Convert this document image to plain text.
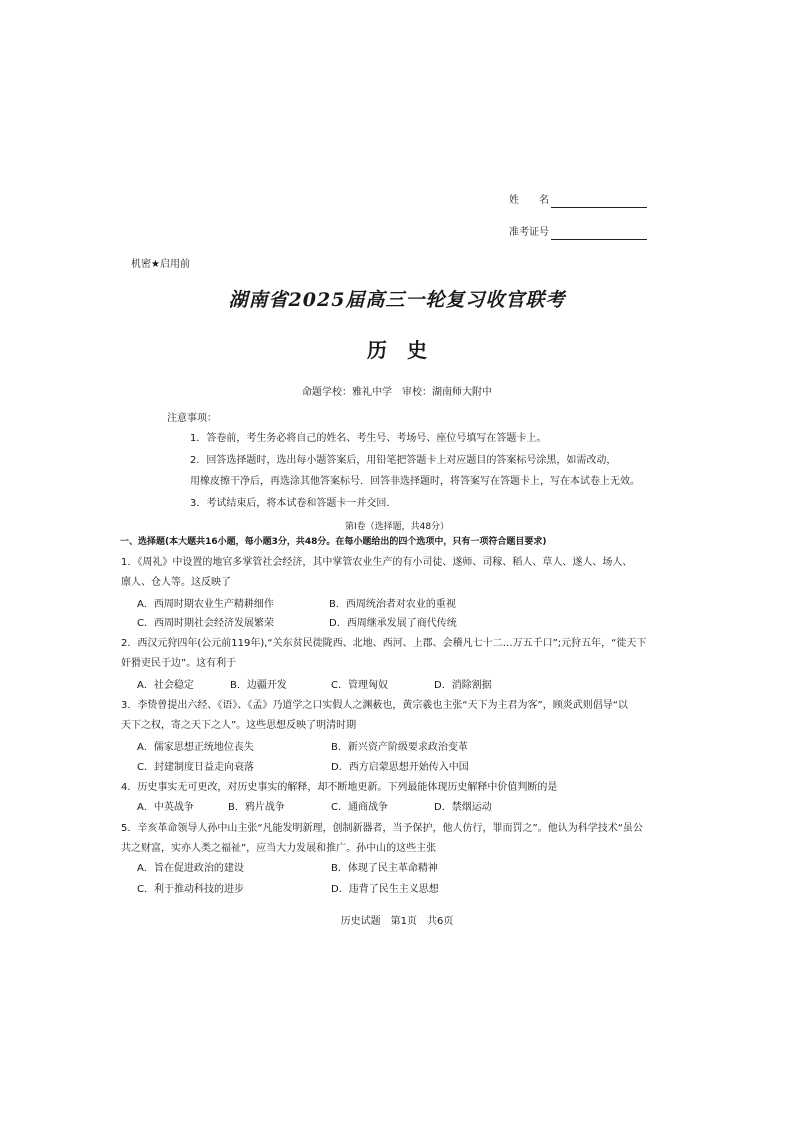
姓　　名
准考证号
机密★启用前
湖南省2025届高三一轮复习收官联考
历　史
命题学校：雅礼中学　审校：湖南师大附中
注意事项：
1．答卷前，考生务必将自己的姓名、考生号、考场号、座位号填写在答题卡上。
2．回答选择题时，选出每小题答案后，用铅笔把答题卡上对应题目的答案标号涂黑，如需改动，
用橡皮擦干净后，再选涂其他答案标号．回答非选择题时，将答案写在答题卡上，写在本试卷上无效。
3．考试结束后，将本试卷和答题卡一并交回．
第Ⅰ卷（选择题，共48分）
一、选择题(本大题共16小题，每小题3分，共48分。在每小题给出的四个选项中，只有一项符合题目要求)
1．《周礼》中设置的地官多掌管社会经济，其中掌管农业生产的有小司徒、遂师、司稼、稻人、草人、遂人、场人、
廪人、仓人等。这反映了
A．西周时期农业生产精耕细作	B．西周统治者对农业的重视
C．西周时期社会经济发展繁荣	D．西周继承发展了商代传统
2．西汉元狩四年(公元前119年),“关东贫民徙陇西、北地、西河、上郡、会稽凡七十二…万五千口”;元狩五年，“徙天下
奸猾吏民于边”。这有利于
A．社会稳定	B．边疆开发	C．管理匈奴	D．消除割据
3．李贽曾提出六经、《语》、《孟》乃道学之口实假人之渊薮也，黄宗羲也主张“天下为主君为客”，顾炎武则倡导“以
天下之权，寄之天下之人”。这些思想反映了明清时期
A．儒家思想正统地位丧失	B．新兴资产阶级要求政治变革
C．封建制度日益走向衰落	D．西方启蒙思想开始传入中国
4．历史事实无可更改，对历史事实的解释，却不断地更新。下列最能体现历史解释中价值判断的是
A．中英战争	B．鸦片战争	C．通商战争	D．禁烟运动
5．辛亥革命领导人孙中山主张“凡能发明新理，创制新器者，当予保护，他人仿行，罪而罚之”。他认为科学技术“虽公
共之财富，实亦人类之福祉”，应当大力发展和推广。孙中山的这些主张
A．旨在促进政治的建设	B．体现了民主革命精神
C．利于推动科技的进步	D．违背了民生主义思想
历史试题　第1页　共6页
